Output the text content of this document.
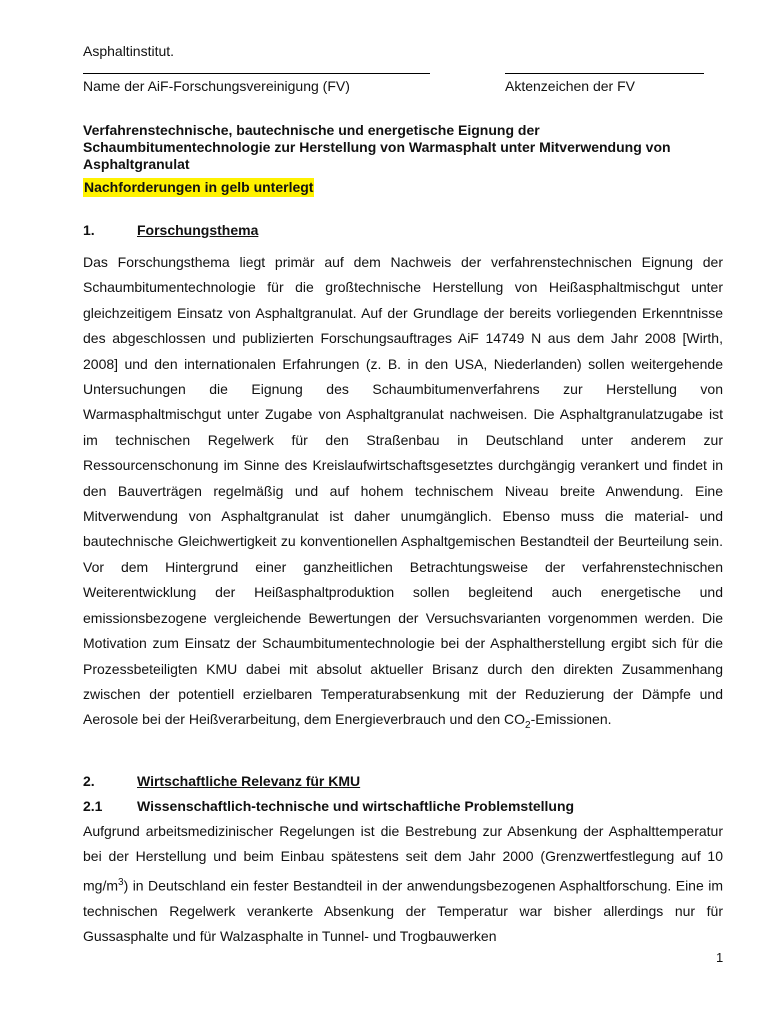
Asphaltinstitut.
Name der AiF-Forschungsvereinigung (FV)	Aktenzeichen der FV

Verfahrenstechnische, bautechnische und energetische Eignung der Schaumbitumentechnologie zur Herstellung von Warmasphalt unter Mitverwendung von Asphaltgranulat

Nachforderungen in gelb unterlegt
1.	Forschungsthema

Das Forschungsthema liegt primär auf dem Nachweis der verfahrenstechnischen Eignung der Schaumbitumentechnologie für die großtechnische Herstellung von Heißasphaltmischgut unter gleichzeitigem Einsatz von Asphaltgranulat. Auf der Grundlage der bereits vorliegenden Erkenntnisse des abgeschlossen und publizierten Forschungsauftrages AiF 14749 N aus dem Jahr 2008 [Wirth, 2008] und den internationalen Erfahrungen (z. B. in den USA, Niederlanden) sollen weitergehende Untersuchungen die Eignung des Schaumbitumenverfahrens zur Herstellung von Warmasphaltmischgut unter Zugabe von Asphaltgranulat nachweisen. Die Asphaltgranulatzugabe ist im technischen Regelwerk für den Straßenbau in Deutschland unter anderem zur Ressourcenschonung im Sinne des Kreislaufwirtschaftsgesetztes durchgängig verankert und findet in den Bauverträgen regelmäßig und auf hohem technischem Niveau breite Anwendung. Eine Mitverwendung von Asphaltgranulat ist daher unumgänglich. Ebenso muss die material- und bautechnische Gleichwertigkeit zu konventionellen Asphaltgemischen Bestandteil der Beurteilung sein. Vor dem Hintergrund einer ganzheitlichen Betrachtungsweise der verfahrenstechnischen Weiterentwicklung der Heißasphaltproduktion sollen begleitend auch energetische und emissionsbezogene vergleichende Bewertungen der Versuchsvarianten vorgenommen werden. Die Motivation zum Einsatz der Schaumbitumentechnologie bei der Asphaltherstellung ergibt sich für die Prozessbeteiligten KMU dabei mit absolut aktueller Brisanz durch den direkten Zusammenhang zwischen der potentiell erzielbaren Temperaturabsenkung mit der Reduzierung der Dämpfe und Aerosole bei der Heißverarbeitung, dem Energieverbrauch und den $CO_2$-Emissionen.

2.	Wirtschaftliche Relevanz für KMU
2.1 Wissenschaftlich-technische und wirtschaftliche Problemstellung

Aufgrund arbeitsmedizinischer Regelungen ist die Bestrebung zur Absenkung der Asphalttemperatur bei der Herstellung und beim Einbau spätestens seit dem Jahr 2000 (Grenzwertfestlegung auf 10 $mg/m^3$) in Deutschland ein fester Bestandteil in der anwendungsbezogenen Asphaltforschung. Eine im technischen Regelwerk verankerte Absenkung der Temperatur war bisher allerdings nur für Gussasphalte und für Walzasphalte in Tunnel- und Trogbauwerken

1
